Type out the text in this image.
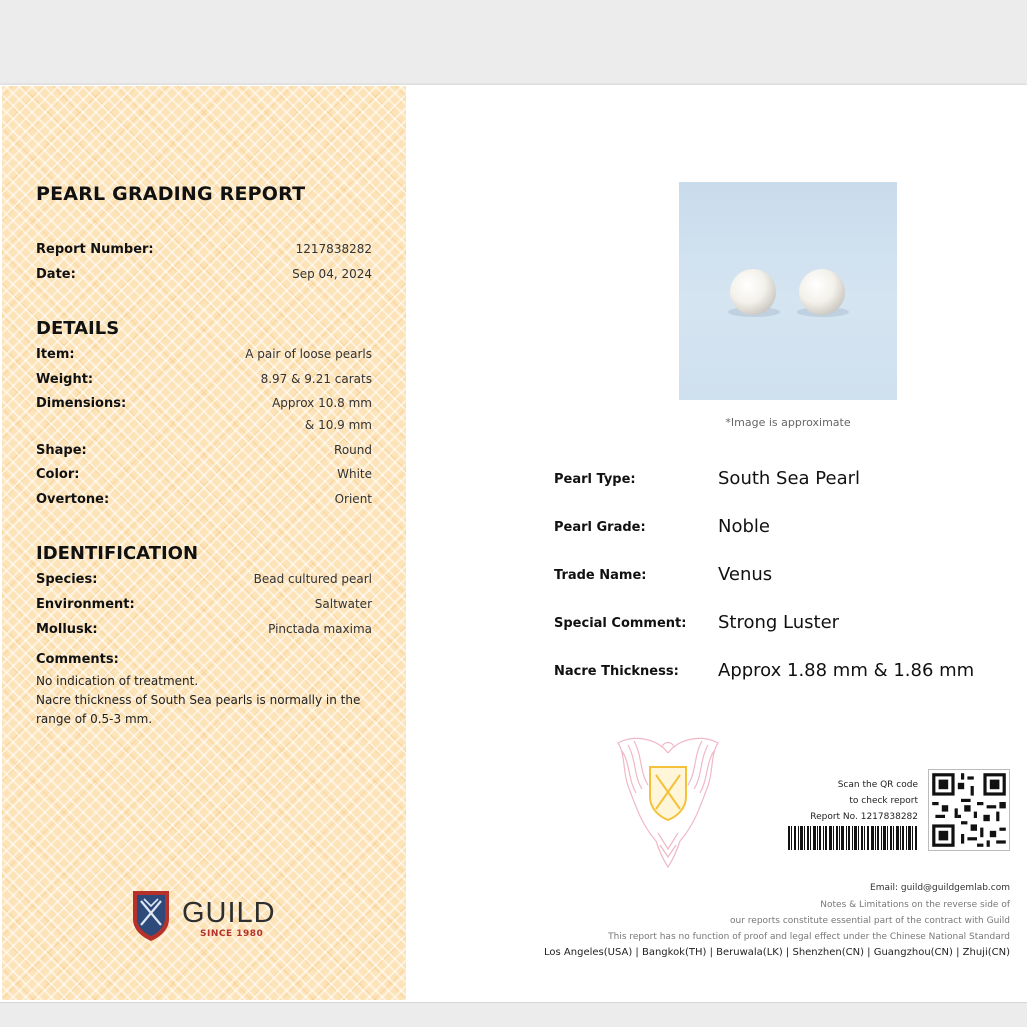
PEARL GRADING REPORT
Report Number:	1217838282
Date:	Sep 04, 2024
DETAILS
Item:	A pair of loose pearls
Weight:	8.97 & 9.21 carats
Dimensions:	Approx 10.8 mm
& 10.9 mm
Shape:	Round
Color:	White
Overtone:	Orient
IDENTIFICATION
Species:	Bead cultured pearl
Environment:	Saltwater
Mollusk:	Pinctada maxima
Comments:
No indication of treatment.
Nacre thickness of South Sea pearls is normally in the
range of 0.5-3 mm.
GUILD
SINCE 1980
*Image is approximate
Pearl Type:	South Sea Pearl
Pearl Grade:	Noble
Trade Name:	Venus
Special Comment: Strong Luster
Nacre Thickness: Approx 1.88 mm & 1.86 mm
Scan the QR code
to check report
Report No. 1217838282
Email: guild@guildgemlab.com
Notes & Limitations on the reverse side of
our reports constitute essential part of the contract with Guild
This report has no function of proof and legal effect under the Chinese National Standard
Los Angeles(USA) | Bangkok(TH) | Beruwala(LK) | Shenzhen(CN) | Guangzhou(CN) | Zhuji(CN)
